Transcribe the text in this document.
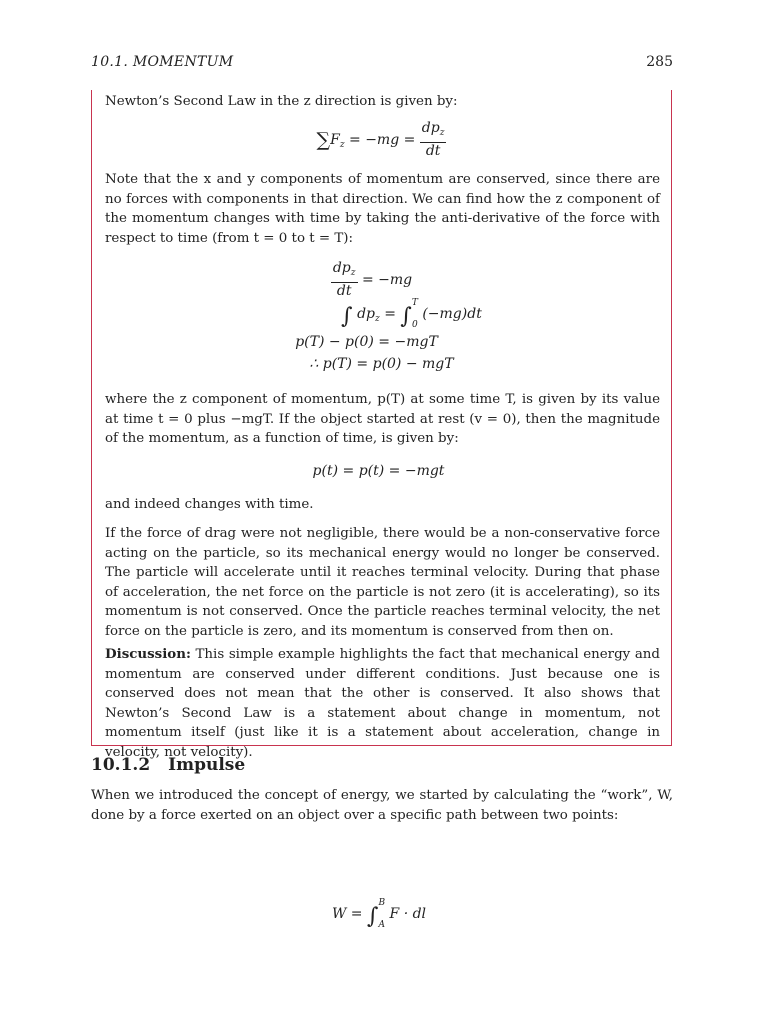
10.1. MOMENTUM	285

Newton’s Second Law in the z direction is given by:

$\sum F_z = -mg = \frac{dp_z}{dt}$

Note that the x and y components of momentum are conserved, since there are no forces with components in that direction. We can find how the z component of the momentum changes with time by taking the anti-derivative of the force with respect to time (from t = 0 to t = T):

$\frac{dp_z}{dt} = -mg$
∫ $dp_z$ = ∫
T
0
(−mg)dt
p(T) − p(0) = −mgT
∴ p(T) = p(0) − mgT

where the z component of momentum, p(T) at some time T, is given by its value at time t = 0 plus −mgT. If the object started at rest (v = 0), then the magnitude of the momentum, as a function of time, is given by:

p(t) = p(t) = −mgt

and indeed changes with time.

If the force of drag were not negligible, there would be a non-conservative force acting on the particle, so its mechanical energy would no longer be conserved. The particle will accelerate until it reaches terminal velocity. During that phase of acceleration, the net force on the particle is not zero (it is accelerating), so its momentum is not conserved. Once the particle reaches terminal velocity, the net force on the particle is zero, and its momentum is conserved from then on.

Discussion: This simple example highlights the fact that mechanical energy and momentum are conserved under different conditions. Just because one is conserved does not mean that the other is conserved. It also shows that Newton’s Second Law is a statement about change in momentum, not momentum itself (just like it is a statement about acceleration, change in velocity, not velocity).

10.1.2 Impulse

When we introduced the concept of energy, we started by calculating the “work”, W, done by a force exerted on an object over a specific path between two points:

W = ∫
B
A
F · dl
